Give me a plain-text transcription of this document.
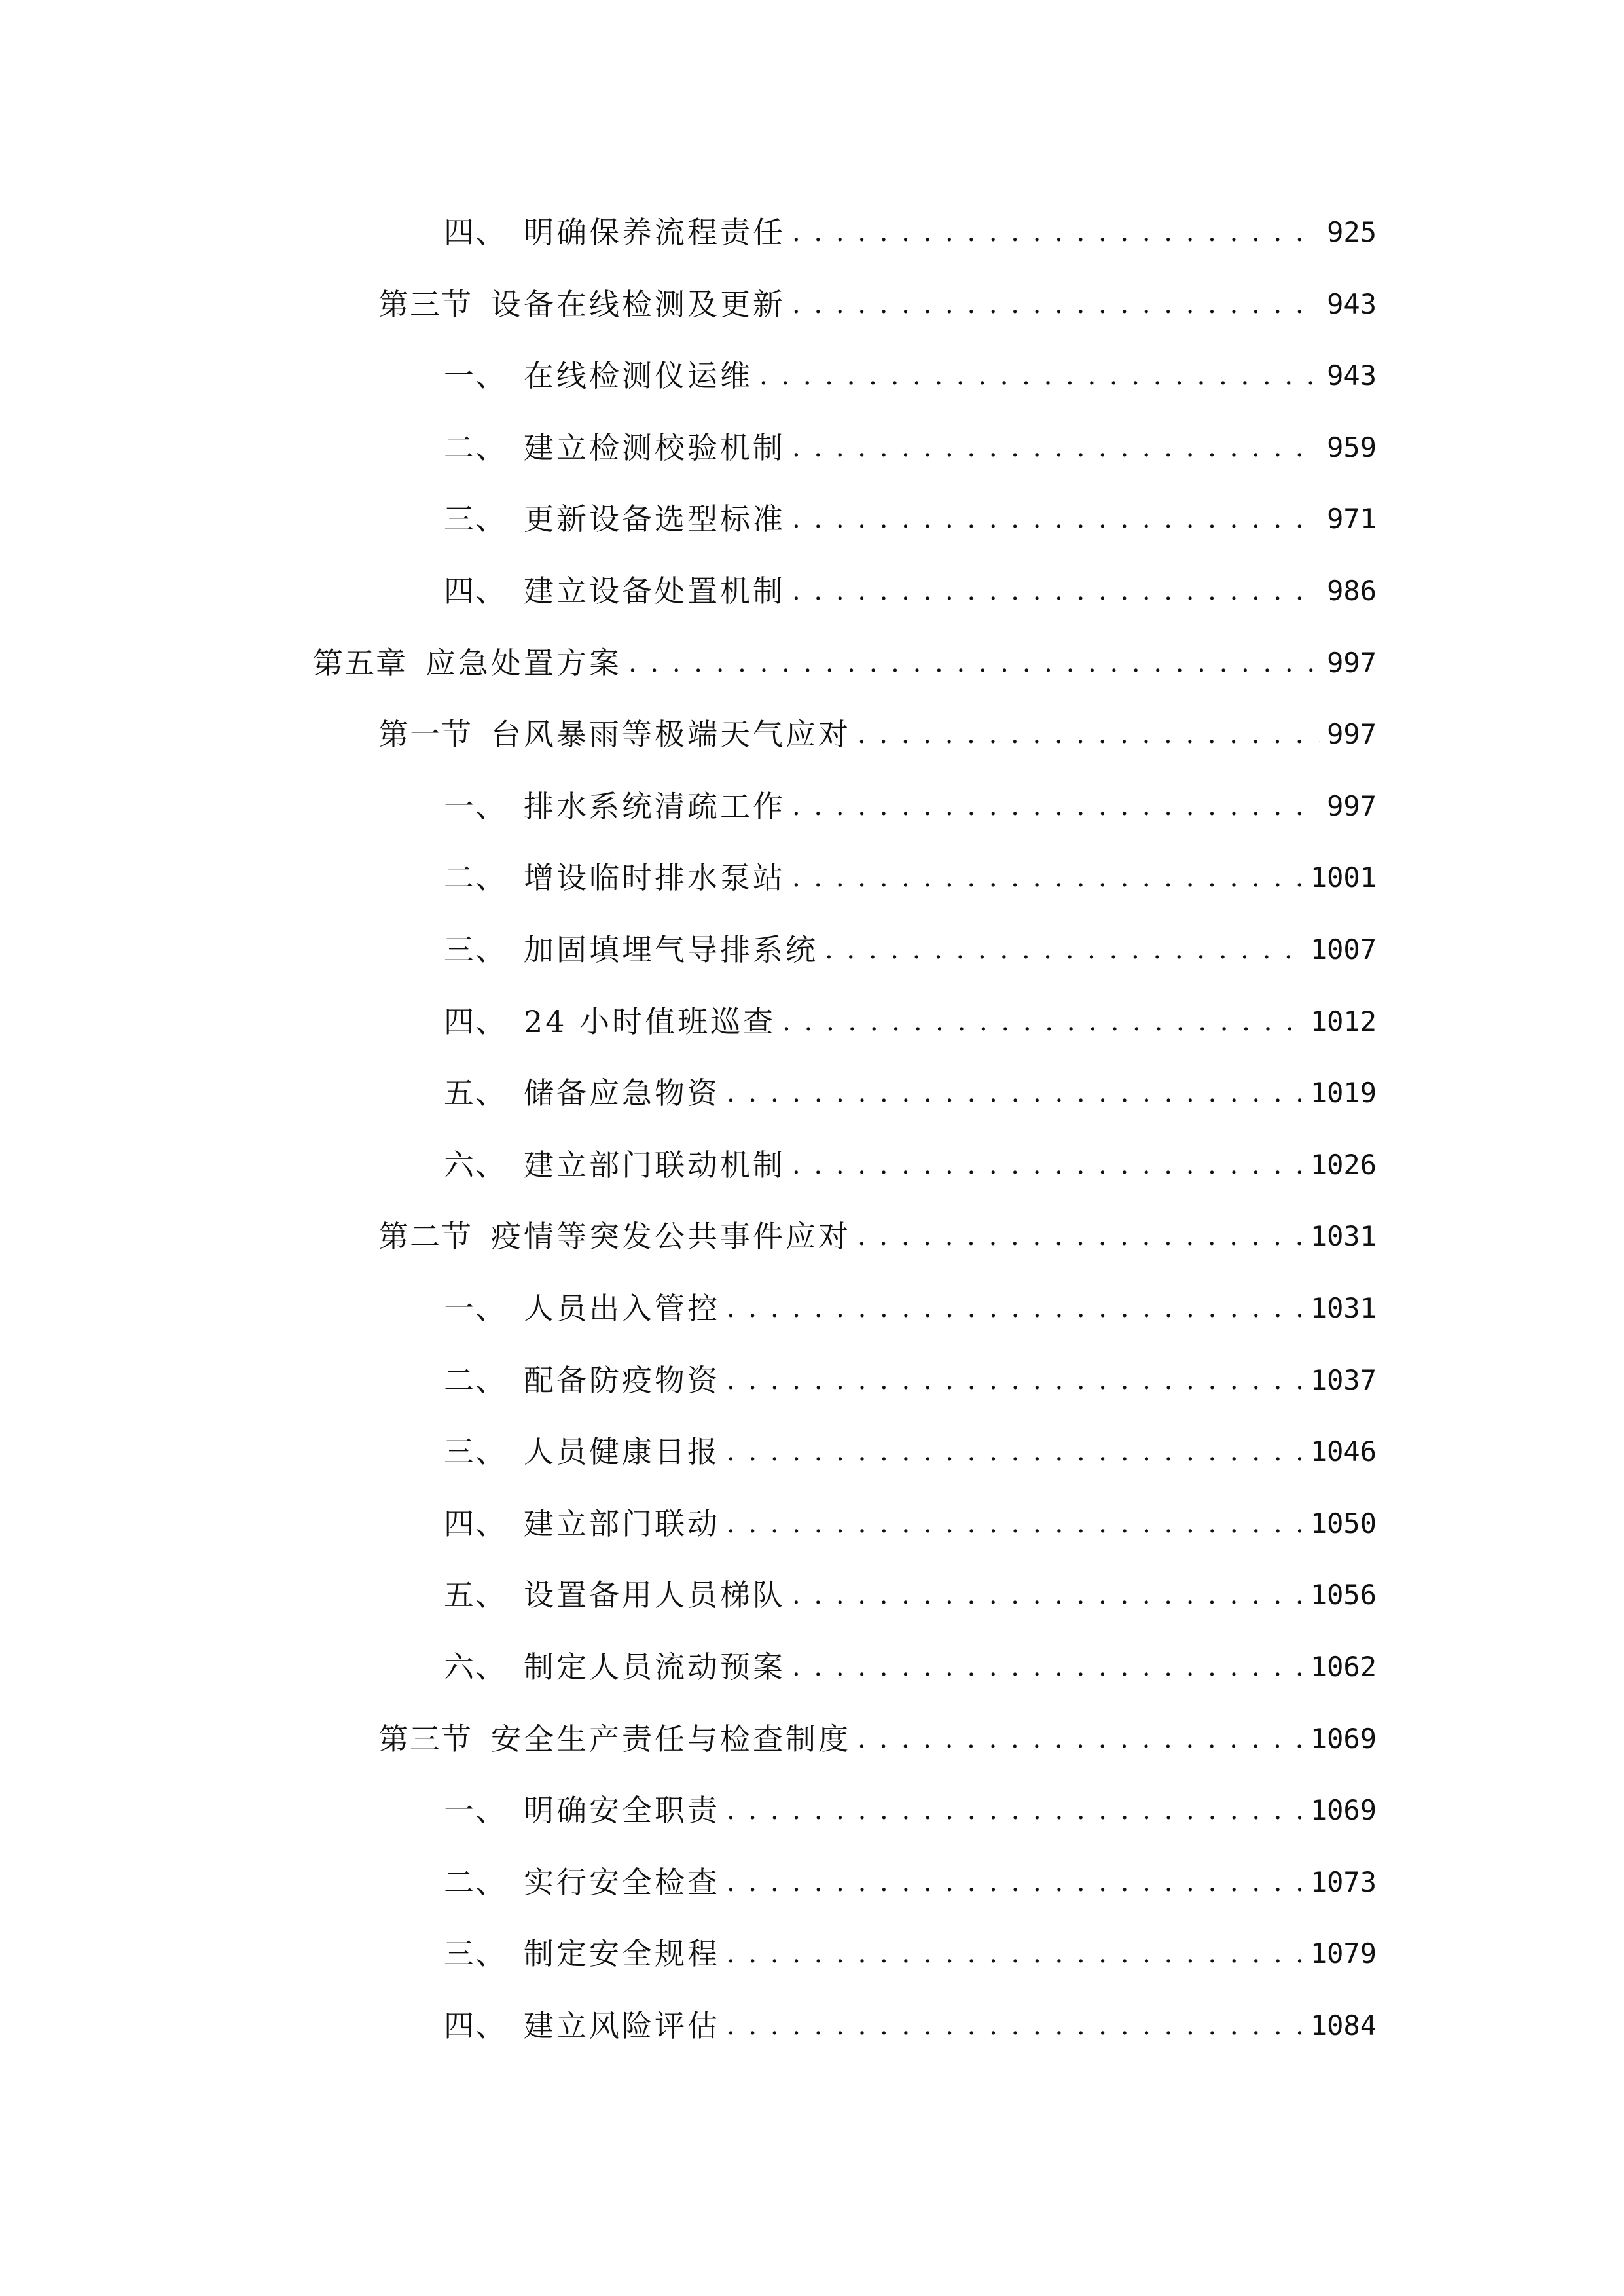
四、 明确保养流程责任 . . .	925
第三节 设备在线检测及更新 . . .	943
一、 在线检测仪运维 . . .	943
二、 建立检测校验机制 . . .	959
三、 更新设备选型标准 . . .	971
四、 建立设备处置机制 . . .	986
第五章 应急处置方案 . . .	997
第一节 台风暴雨等极端天气应对 . . .	997
一、 排水系统清疏工作 . . .	997
二、 增设临时排水泵站 . . .	1001
三、 加固填埋气导排系统 . . .	1007
四、 24 小时值班巡查 . . .	1012
五、 储备应急物资 . . .	1019
六、 建立部门联动机制 . . .	1026
第二节 疫情等突发公共事件应对 . . .	1031
一、 人员出入管控 . . .	1031
二、 配备防疫物资 . . .	1037
三、 人员健康日报 . . .	1046
四、 建立部门联动 . . .	1050
五、 设置备用人员梯队 . . .	1056
六、 制定人员流动预案 . . .	1062
第三节 安全生产责任与检查制度 . . .	1069
一、 明确安全职责 . . .	1069
二、 实行安全检查 . . .	1073
三、 制定安全规程 . . .	1079
四、 建立风险评估 . . .	1084
